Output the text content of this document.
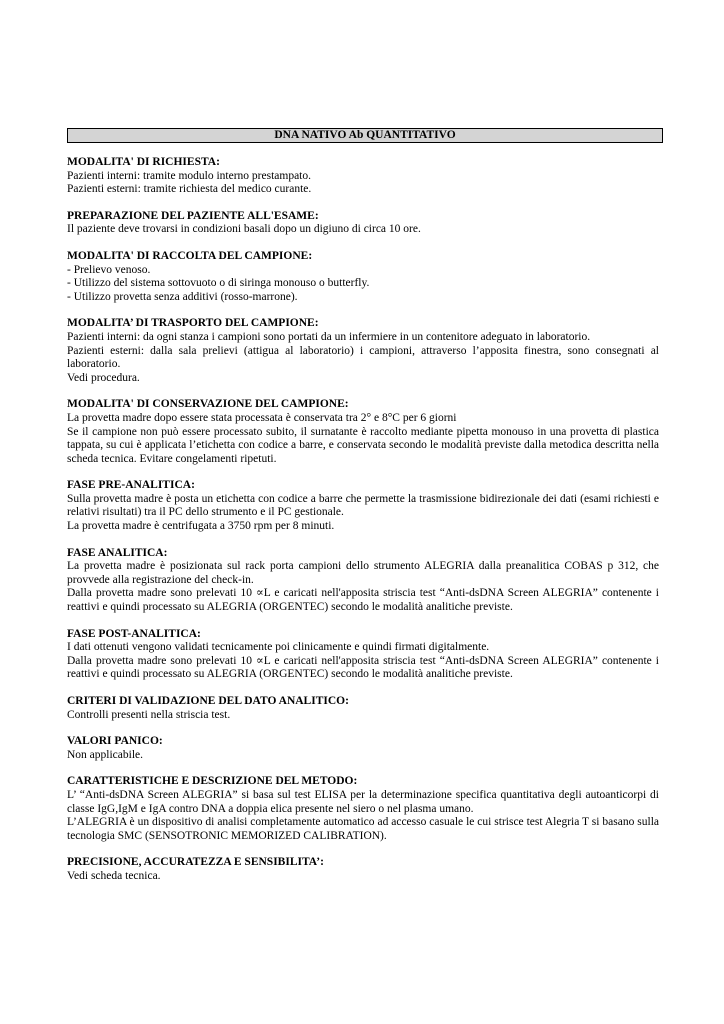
DNA NATIVO Ab QUANTITATIVO

MODALITA' DI RICHIESTA:

Pazienti interni: tramite modulo interno prestampato.

Pazienti esterni: tramite richiesta del medico curante.

PREPARAZIONE DEL PAZIENTE ALL'ESAME:

Il paziente deve trovarsi in condizioni basali dopo un digiuno di circa 10 ore.

MODALITA' DI RACCOLTA DEL CAMPIONE:

- Prelievo venoso.

- Utilizzo del sistema sottovuoto o di siringa monouso o butterfly.

- Utilizzo provetta senza additivi (rosso-marrone).

MODALITA’ DI TRASPORTO DEL CAMPIONE:

Pazienti interni: da ogni stanza i campioni sono portati da un infermiere in un contenitore adeguato in laboratorio.

Pazienti esterni: dalla sala prelievi (attigua al laboratorio) i campioni, attraverso l’apposita finestra, sono consegnati al laboratorio.

Vedi procedura.

MODALITA' DI CONSERVAZIONE DEL CAMPIONE:

La provetta madre dopo essere stata processata è conservata tra 2° e 8°C per 6 giorni

Se il campione non può essere processato subito, il surnatante è raccolto mediante pipetta monouso in una provetta di plastica tappata, su cui è applicata l’etichetta con codice a barre, e conservata secondo le modalità previste dalla metodica descritta nella scheda tecnica. Evitare congelamenti ripetuti.

FASE PRE-ANALITICA:

Sulla provetta madre è posta un etichetta con codice a barre che permette la trasmissione bidirezionale dei dati (esami richiesti e relativi risultati) tra il PC dello strumento e il PC gestionale.

La provetta madre è centrifugata a 3750 rpm per 8 minuti.

FASE ANALITICA:

La provetta madre è posizionata sul rack porta campioni dello strumento ALEGRIA dalla preanalitica COBAS p 312, che provvede alla registrazione del check-in.

Dalla provetta madre sono prelevati 10 ∝L e caricati nell'apposita striscia test “Anti-dsDNA Screen ALEGRIA” contenente i reattivi e quindi processato su ALEGRIA (ORGENTEC) secondo le modalità analitiche previste.

FASE POST-ANALITICA:

I dati ottenuti vengono validati tecnicamente poi clinicamente e quindi firmati digitalmente.

Dalla provetta madre sono prelevati 10 ∝L e caricati nell'apposita striscia test “Anti-dsDNA Screen ALEGRIA” contenente i reattivi e quindi processato su ALEGRIA (ORGENTEC) secondo le modalità analitiche previste.

CRITERI DI VALIDAZIONE DEL DATO ANALITICO:

Controlli presenti nella striscia test.

VALORI PANICO:

Non applicabile.

CARATTERISTICHE E DESCRIZIONE DEL METODO:

L’ “Anti-dsDNA Screen ALEGRIA” si basa sul test ELISA per la determinazione specifica quantitativa degli autoanticorpi di classe IgG,IgM e IgA contro DNA a doppia elica presente nel siero o nel plasma umano.

L’ALEGRIA è un dispositivo di analisi completamente automatico ad accesso casuale le cui strisce test Alegria T si basano sulla tecnologia SMC (SENSOTRONIC MEMORIZED CALIBRATION).

PRECISIONE, ACCURATEZZA E SENSIBILITA’:

Vedi scheda tecnica.
